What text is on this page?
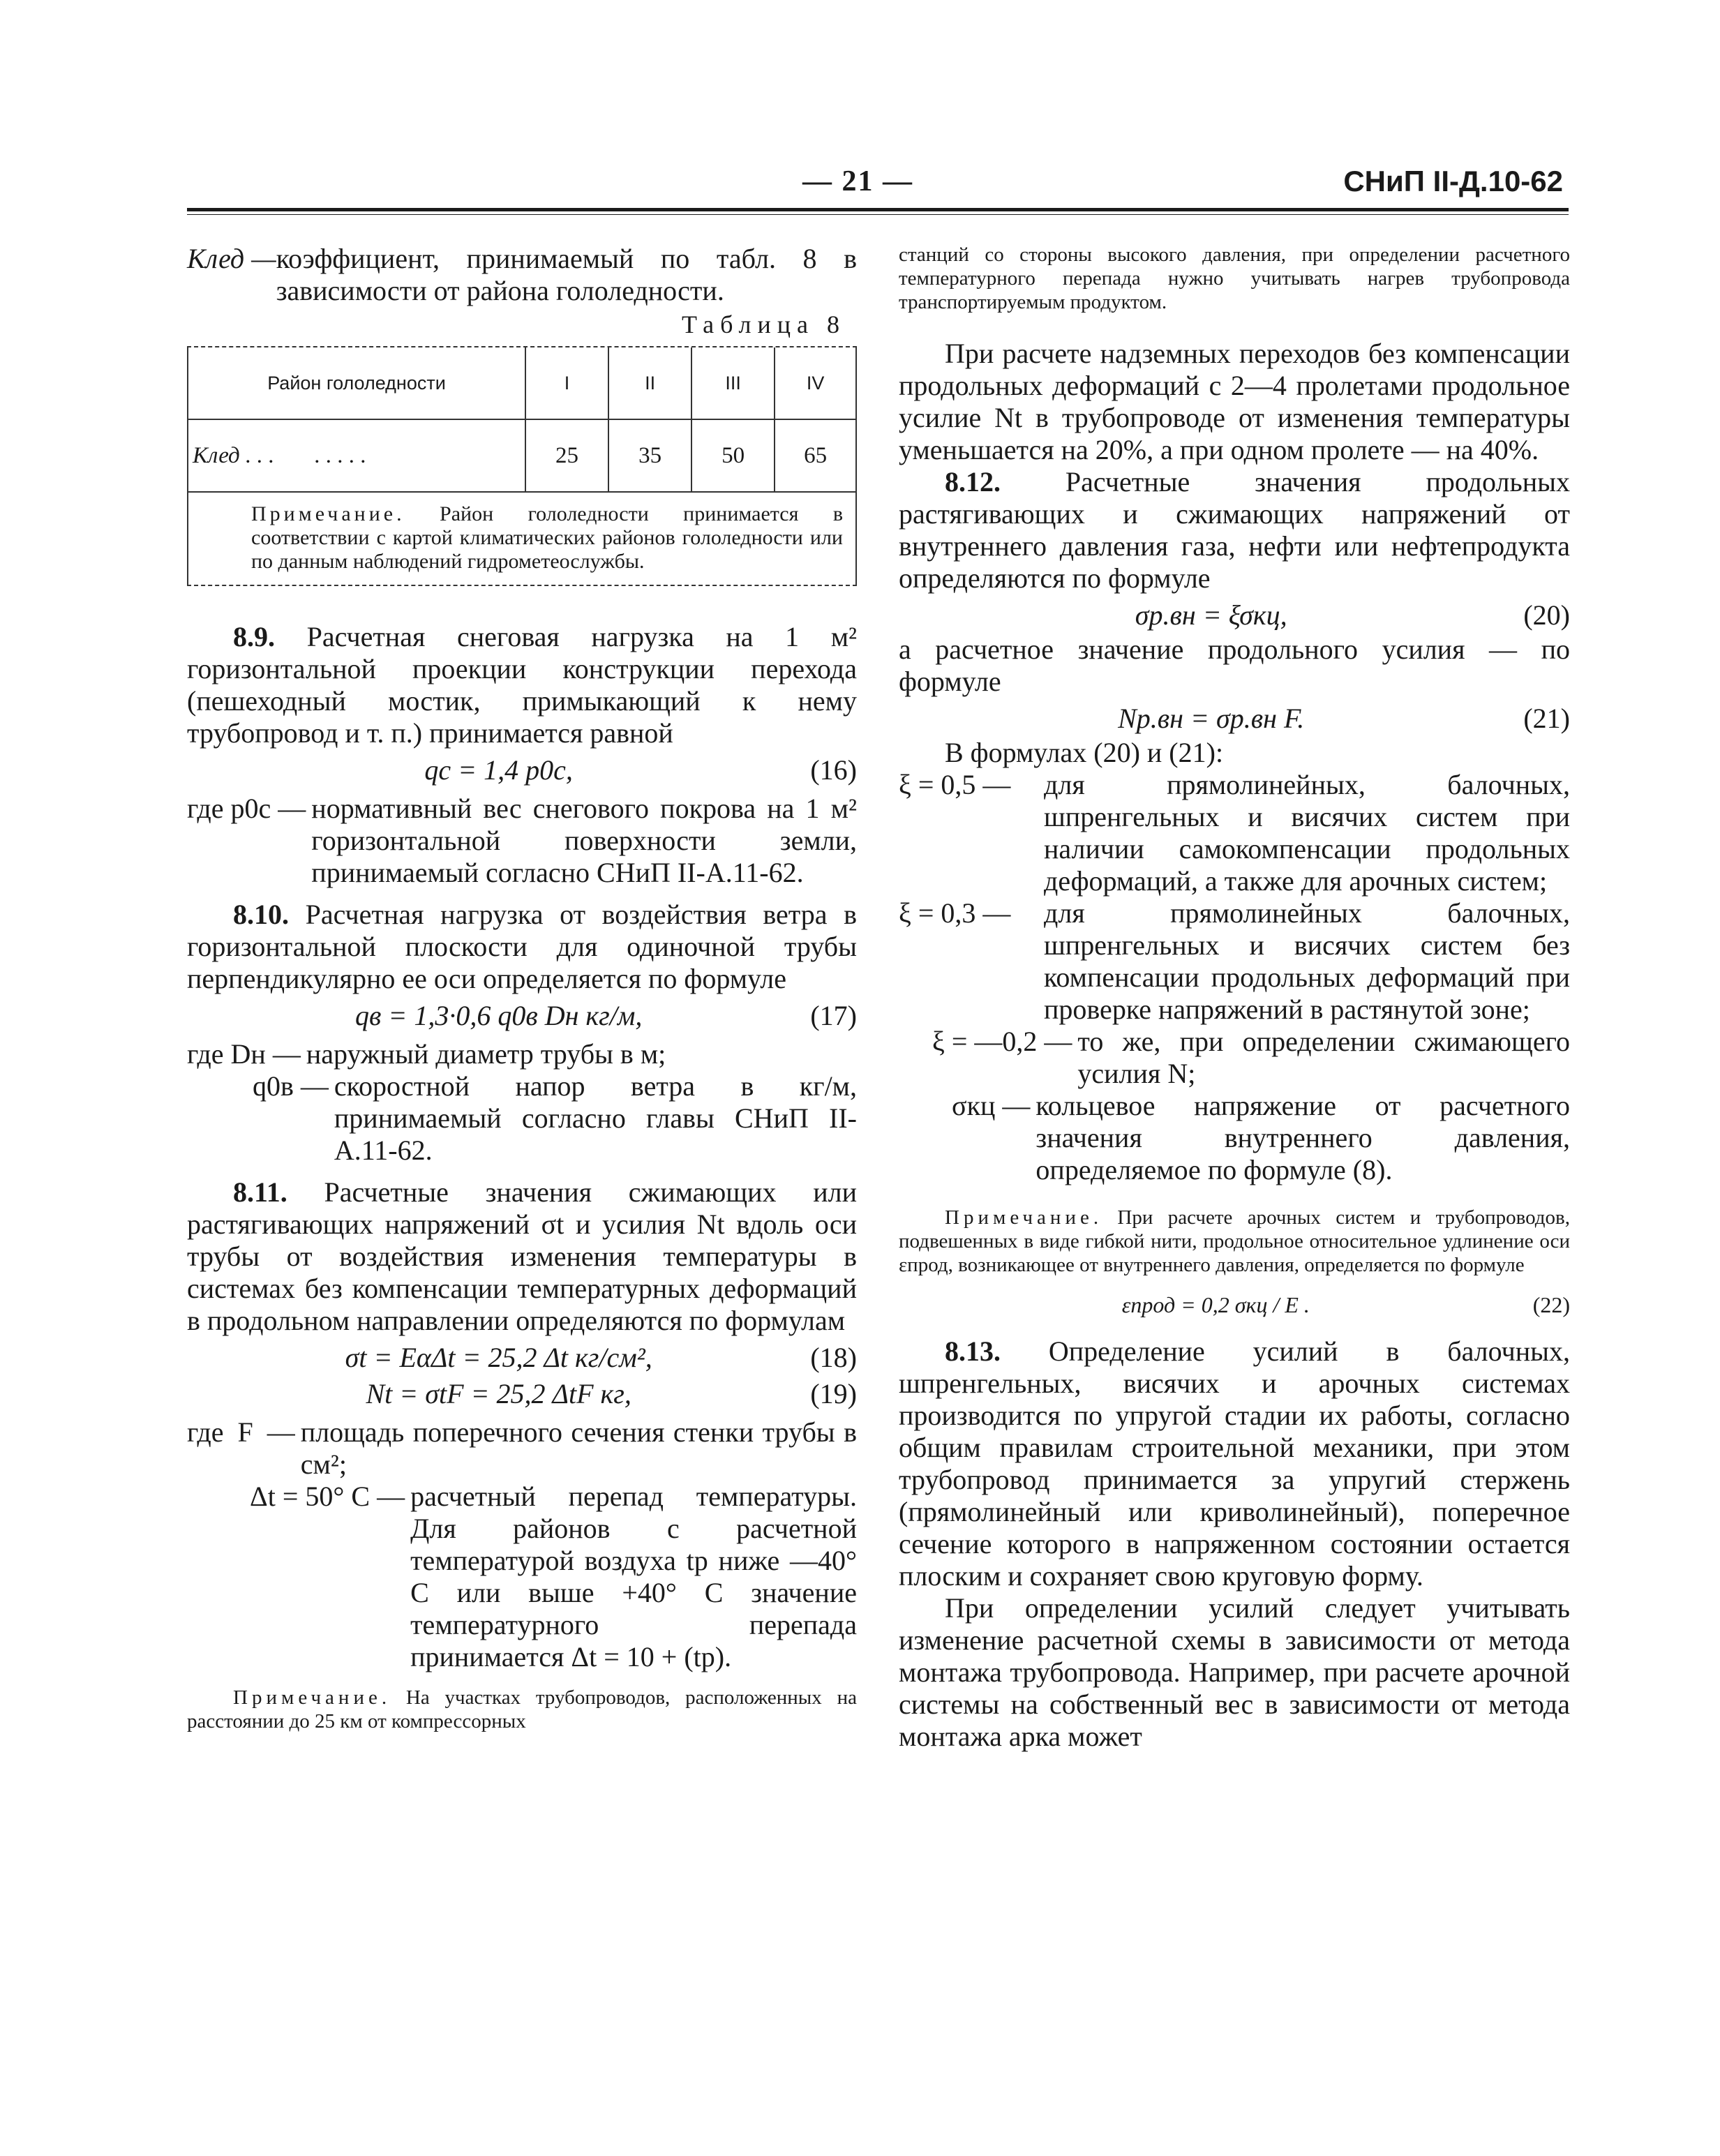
— 21 —	СНиП II-Д.10-62
Kлед — коэффициент, принимаемый по табл. 8 в зависимости от района гололедности.
Таблица 8
Район гололедности	I	II	III	IV
Kлед . . .       . . . . .	25	35	50	65
Примечание. Район гололедности принимается в соответствии с картой климатических районов гололедности или по данным наблюдений гидрометеослужбы.

8.9. Расчетная снеговая нагрузка на 1 м² горизонтальной проекции конструкции перехода (пешеходный мостик, примыкающий к нему трубопровод и т. п.) принимается равной

qc = 1,4 p0c,	(16)
где p0c — нормативный вес снегового покрова на 1 м² горизонтальной поверхности земли, принимаемый согласно СНиП II-А.11-62.

8.10. Расчетная нагрузка от воздействия ветра в горизонтальной плоскости для одиночной трубы перпендикулярно ее оси определяется по формуле

qв = 1,3·0,6 q0в Dн кг/м,	(17)
где Dн — наружный диаметр трубы в м;
q0в — скоростной напор ветра в кг/м, принимаемый согласно главы СНиП II-А.11-62.

8.11. Расчетные значения сжимающих или растягивающих напряжений σt и усилия Nt вдоль оси трубы от воздействия изменения температуры в системах без компенсации температурных деформаций в продольном направлении определяются по формулам

σt = EαΔt = 25,2 Δt кг/см²,	(18)
Nt = σtF = 25,2 ΔtF кг,	(19)
где  F  — площадь поперечного сечения стенки трубы в см²;
Δt = 50° С — расчетный перепад температуры. Для районов с расчетной температурой воздуха tр ниже —40° С или выше +40° С значение температурного перепада принимается Δt = 10 + (tр).

Примечание. На участках трубопроводов, расположенных на расстоянии до 25 км от компрессорных

станций со стороны высокого давления, при определении расчетного температурного перепада нужно учитывать нагрев трубопровода транспортируемым продуктом.

При расчете надземных переходов без компенсации продольных деформаций с 2—4 пролетами продольное усилие Nt в трубопроводе от изменения температуры уменьшается на 20%, а при одном пролете — на 40%.

8.12. Расчетные значения продольных растягивающих и сжимающих напряжений от внутреннего давления газа, нефти или нефтепродукта определяются по формуле

σр.вн = ξσкц,	(20)

а расчетное значение продольного усилия — по формуле

Nр.вн = σр.вн F.	(21)

В формулах (20) и (21):

ξ = 0,5 —	для прямолинейных, балочных, шпренгельных и висячих систем при наличии самокомпенсации продольных деформаций, а также для арочных систем;
ξ = 0,3 —	для прямолинейных балочных, шпренгельных и висячих систем без компенсации продольных деформаций при проверке напряжений в растянутой зоне;
ξ = —0,2 — то же, при определении сжимающего усилия N;
σкц — кольцевое напряжение от расчетного значения внутреннего давления, определяемое по формуле (8).

Примечание. При расчете арочных систем и трубопроводов, подвешенных в виде гибкой нити, продольное относительное удлинение оси εпрод, возникающее от внутреннего давления, определяется по формуле

εпрод = 0,2 σкц / E .	(22)

8.13. Определение усилий в балочных, шпренгельных, висячих и арочных системах производится по упругой стадии их работы, согласно общим правилам строительной механики, при этом трубопровод принимается за упругий стержень (прямолинейный или криволинейный), поперечное сечение которого в напряженном состоянии остается плоским и сохраняет свою круговую форму.

При определении усилий следует учитывать изменение расчетной схемы в зависимости от метода монтажа трубопровода. Например, при расчете арочной системы на собственный вес в зависимости от метода монтажа арка может
